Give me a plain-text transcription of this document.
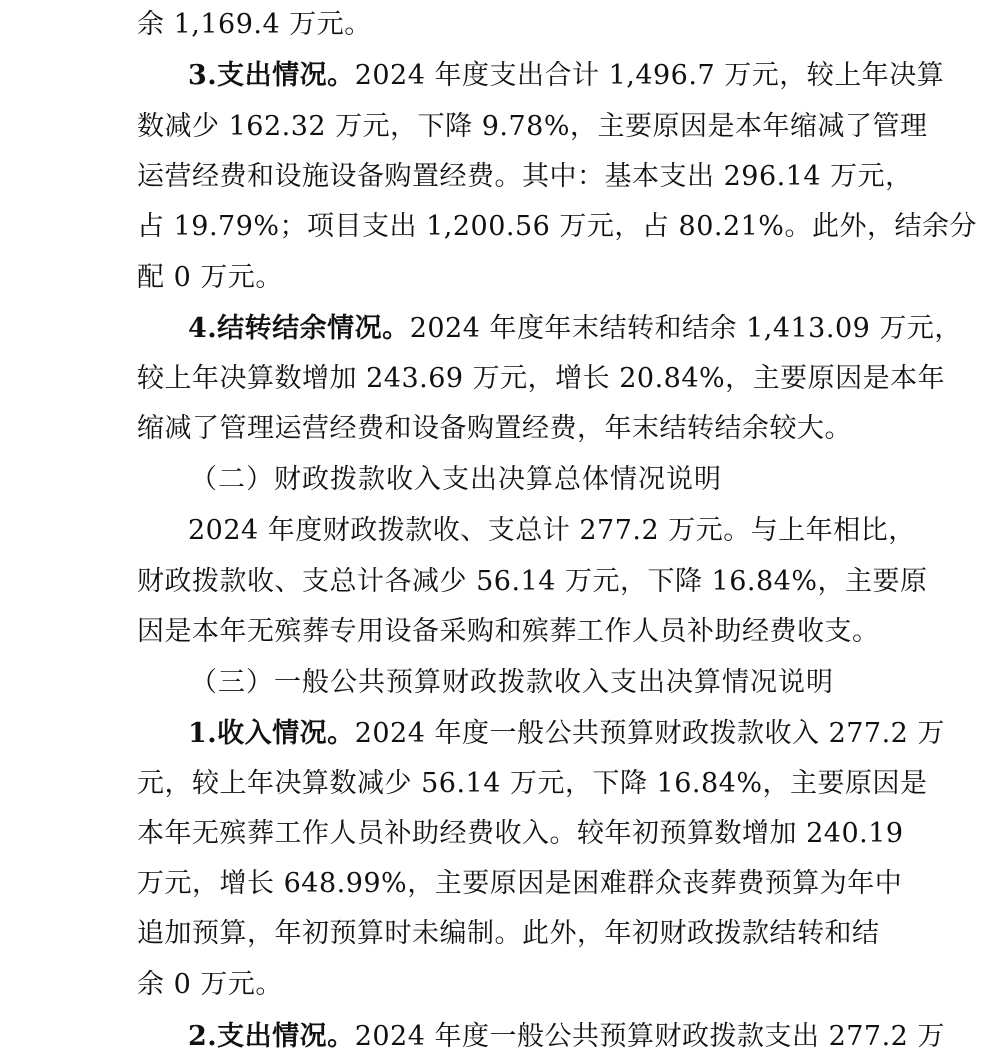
余 1,169.4 万元。
3.支出情况。2024 年度支出合计 1,496.7 万元，较上年决算
数减少 162.32 万元，下降 9.78%，主要原因是本年缩减了管理
运营经费和设施设备购置经费。其中：基本支出 296.14 万元，
占 19.79%；项目支出 1,200.56 万元，占 80.21%。此外，结余分
配 0 万元。
4.结转结余情况。2024 年度年末结转和结余 1,413.09 万元，
较上年决算数增加 243.69 万元，增长 20.84%，主要原因是本年
缩减了管理运营经费和设备购置经费，年末结转结余较大。
（二）财政拨款收入支出决算总体情况说明
2024 年度财政拨款收、支总计 277.2 万元。与上年相比，
财政拨款收、支总计各减少 56.14 万元，下降 16.84%，主要原
因是本年无殡葬专用设备采购和殡葬工作人员补助经费收支。
（三）一般公共预算财政拨款收入支出决算情况说明
1.收入情况。2024 年度一般公共预算财政拨款收入 277.2 万
元，较上年决算数减少 56.14 万元，下降 16.84%，主要原因是
本年无殡葬工作人员补助经费收入。较年初预算数增加 240.19
万元，增长 648.99%，主要原因是困难群众丧葬费预算为年中
追加预算，年初预算时未编制。此外，年初财政拨款结转和结
余 0 万元。
2.支出情况。2024 年度一般公共预算财政拨款支出 277.2 万
